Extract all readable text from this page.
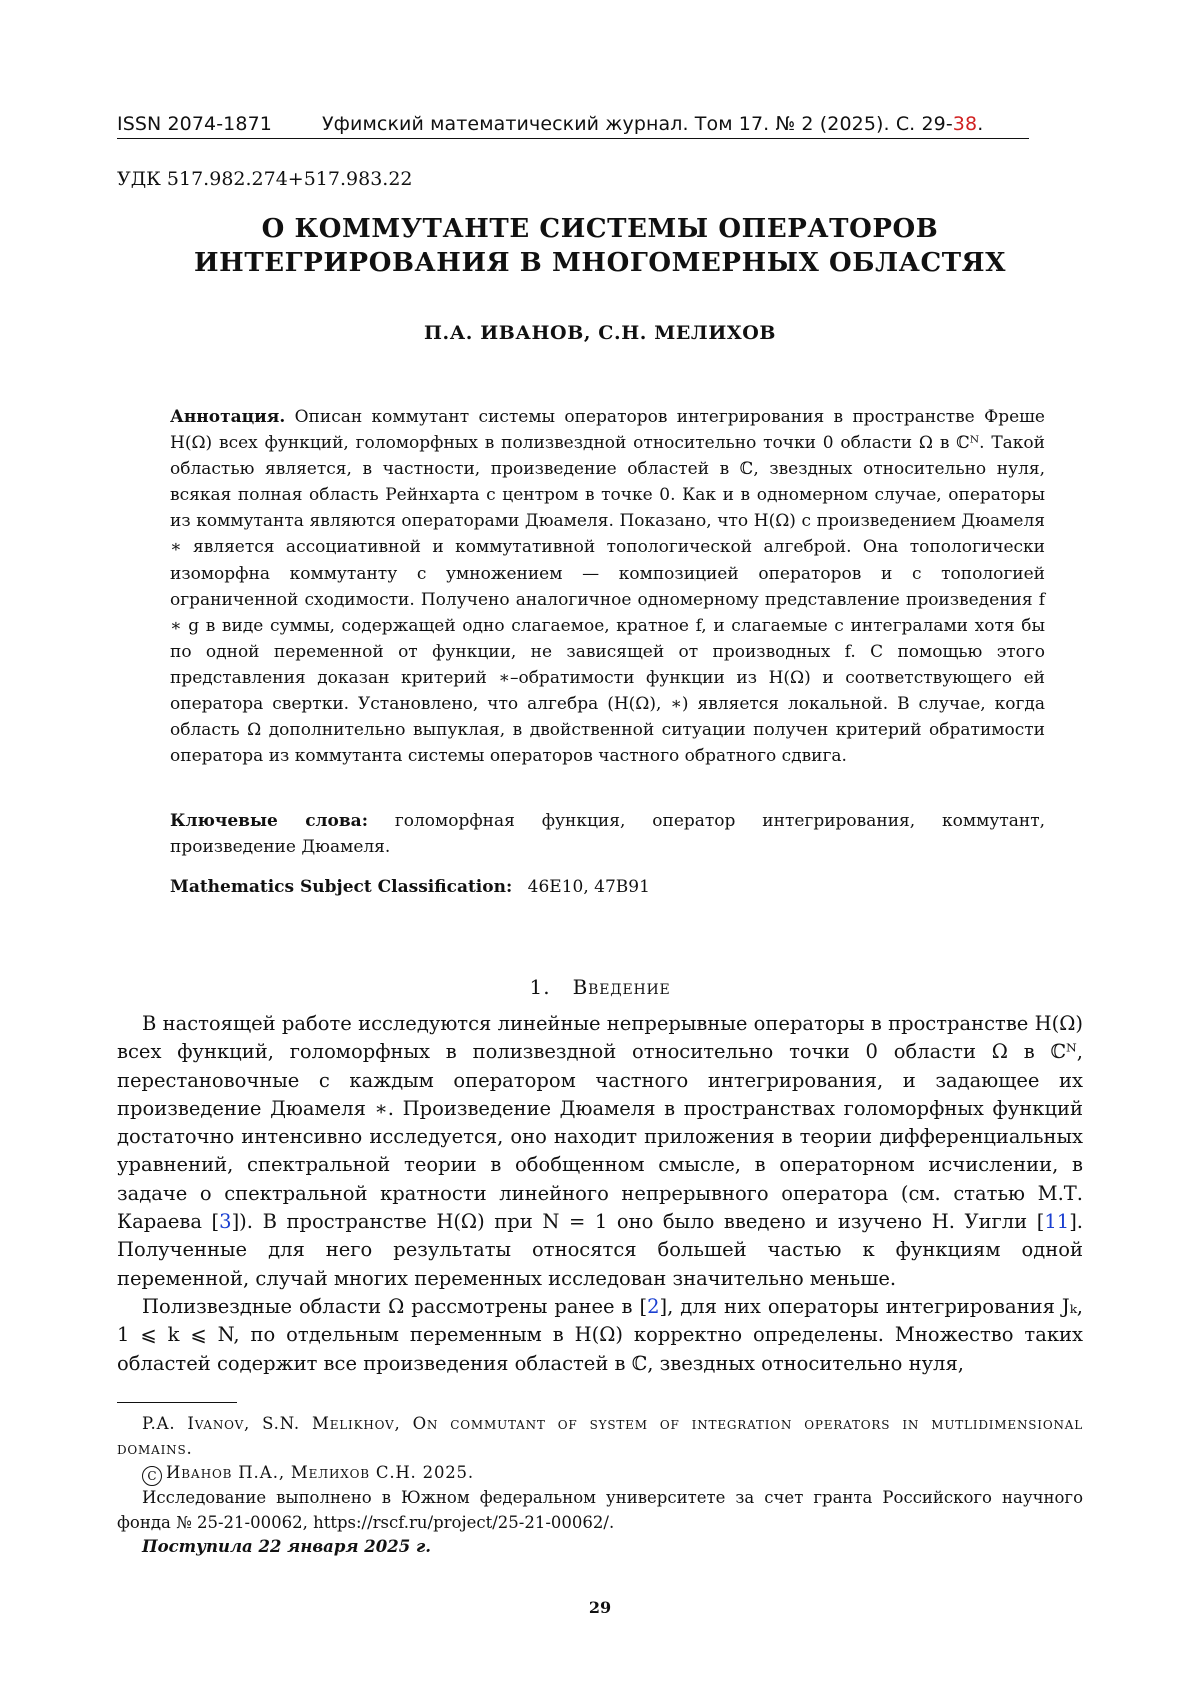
ISSN 2074-1871	Уфимский математический журнал. Том 17. № 2 (2025). С. 29-38.
УДК 517.982.274+517.983.22
О КОММУТАНТЕ СИСТЕМЫ ОПЕРАТОРОВ
ИНТЕГРИРОВАНИЯ В МНОГОМЕРНЫХ ОБЛАСТЯХ
П.А. ИВАНОВ, С.Н. МЕЛИХОВ
Аннотация. Описан коммутант системы операторов интегрирования в пространстве Фреше H(Ω) всех функций, голоморфных в полизвездной относительно точки 0 области Ω в ℂᴺ. Такой областью является, в частности, произведение областей в ℂ, звездных относительно нуля, всякая полная область Рейнхарта с центром в точке 0. Как и в одномерном случае, операторы из коммутанта являются операторами Дюамеля. Показано, что H(Ω) с произведением Дюамеля ∗ является ассоциативной и коммутативной топологической алгеброй. Она топологически изоморфна коммутанту с умножением — композицией операторов и с топологией ограниченной сходимости. Получено аналогичное одномерному представление произведения f ∗ g в виде суммы, содержащей одно слагаемое, кратное f, и слагаемые с интегралами хотя бы по одной переменной от функции, не зависящей от производных f. С помощью этого представления доказан критерий ∗–обратимости функции из H(Ω) и соответствующего ей оператора свертки. Установлено, что алгебра (H(Ω), ∗) является локальной. В случае, когда область Ω дополнительно выпуклая, в двойственной ситуации получен критерий обратимости оператора из коммутанта системы операторов частного обратного сдвига.
Ключевые слова: голоморфная функция, оператор интегрирования, коммутант, произведение Дюамеля.
Mathematics Subject Classification: 46E10, 47B91
1. Введение

В настоящей работе исследуются линейные непрерывные операторы в пространстве H(Ω) всех функций, голоморфных в полизвездной относительно точки 0 области Ω в ℂᴺ, перестановочные с каждым оператором частного интегрирования, и задающее их произведение Дюамеля ∗. Произведение Дюамеля в пространствах голоморфных функций достаточно интенсивно исследуется, оно находит приложения в теории дифференциальных уравнений, спектральной теории в обобщенном смысле, в операторном исчислении, в задаче о спектральной кратности линейного непрерывного оператора (см. статью М.Т. Караева [3]). В пространстве H(Ω) при N = 1 оно было введено и изучено Н. Уигли [11]. Полученные для него результаты относятся большей частью к функциям одной переменной, случай многих переменных исследован значительно меньше.

Полизвездные области Ω рассмотрены ранее в [2], для них операторы интегрирования Jₖ, 1 ⩽ k ⩽ N, по отдельным переменным в H(Ω) корректно определены. Множество таких областей содержит все произведения областей в ℂ, звездных относительно нуля,

P.A. Ivanov, S.N. Melikhov, On commutant of system of integration operators in mutlidimensional domains.

C Иванов П.А., Мелихов С.Н. 2025.

Исследование выполнено в Южном федеральном университете за счет гранта Российского научного фонда № 25-21-00062, https://rscf.ru/project/25-21-00062/.

Поступила 22 января 2025 г.

29
